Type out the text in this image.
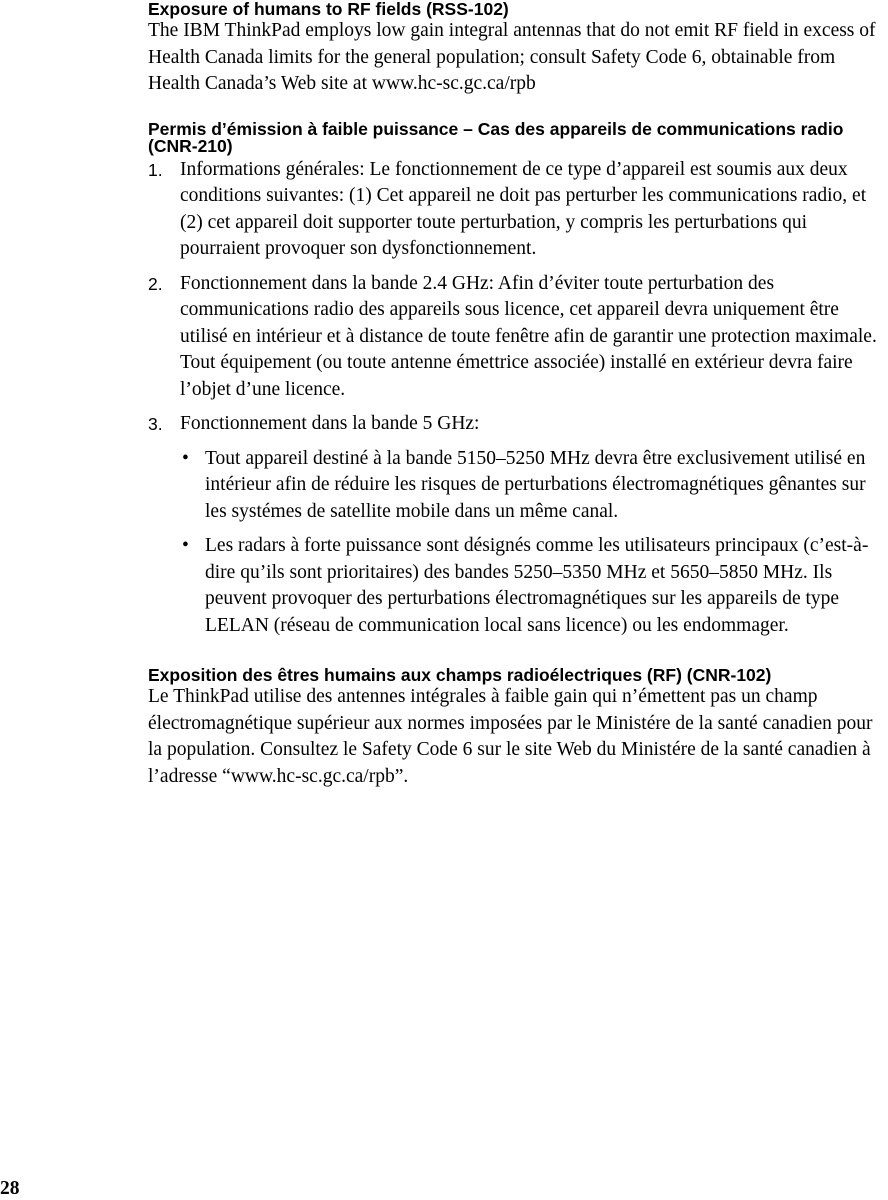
Exposure of humans to RF fields (RSS-102)

The IBM ThinkPad employs low gain integral antennas that do not emit RF field in excess of Health Canada limits for the general population; consult Safety Code 6, obtainable from Health Canada’s Web site at www.hc-sc.gc.ca/rpb

Permis d’émission à faible puissance – Cas des appareils de communications radio (CNR-210)
1. Informations générales: Le fonctionnement de ce type d’appareil est soumis aux deux conditions suivantes: (1) Cet appareil ne doit pas perturber les communications radio, et (2) cet appareil doit supporter toute perturbation, y compris les perturbations qui pourraient provoquer son dysfonctionnement.
2. Fonctionnement dans la bande 2.4 GHz: Afin d’éviter toute perturbation des communications radio des appareils sous licence, cet appareil devra uniquement être utilisé en intérieur et à distance de toute fenêtre afin de garantir une protection maximale. Tout équipement (ou toute antenne émettrice associée) installé en extérieur devra faire l’objet d’une licence.
3. Fonctionnement dans la bande 5 GHz:
• Tout appareil destiné à la bande 5150–5250 MHz devra être exclusivement utilisé en intérieur afin de réduire les risques de perturbations électromagnétiques gênantes sur les systémes de satellite mobile dans un même canal.
• Les radars à forte puissance sont désignés comme les utilisateurs principaux (c’est-à-dire qu’ils sont prioritaires) des bandes 5250–5350 MHz et 5650–5850 MHz. Ils peuvent provoquer des perturbations électromagnétiques sur les appareils de type LELAN (réseau de communication local sans licence) ou les endommager.
Exposition des êtres humains aux champs radioélectriques (RF) (CNR-102)

Le ThinkPad utilise des antennes intégrales à faible gain qui n’émettent pas un champ électromagnétique supérieur aux normes imposées par le Ministére de la santé canadien pour la population. Consultez le Safety Code 6 sur le site Web du Ministére de la santé canadien à l’adresse “www.hc-sc.gc.ca/rpb”.

28
